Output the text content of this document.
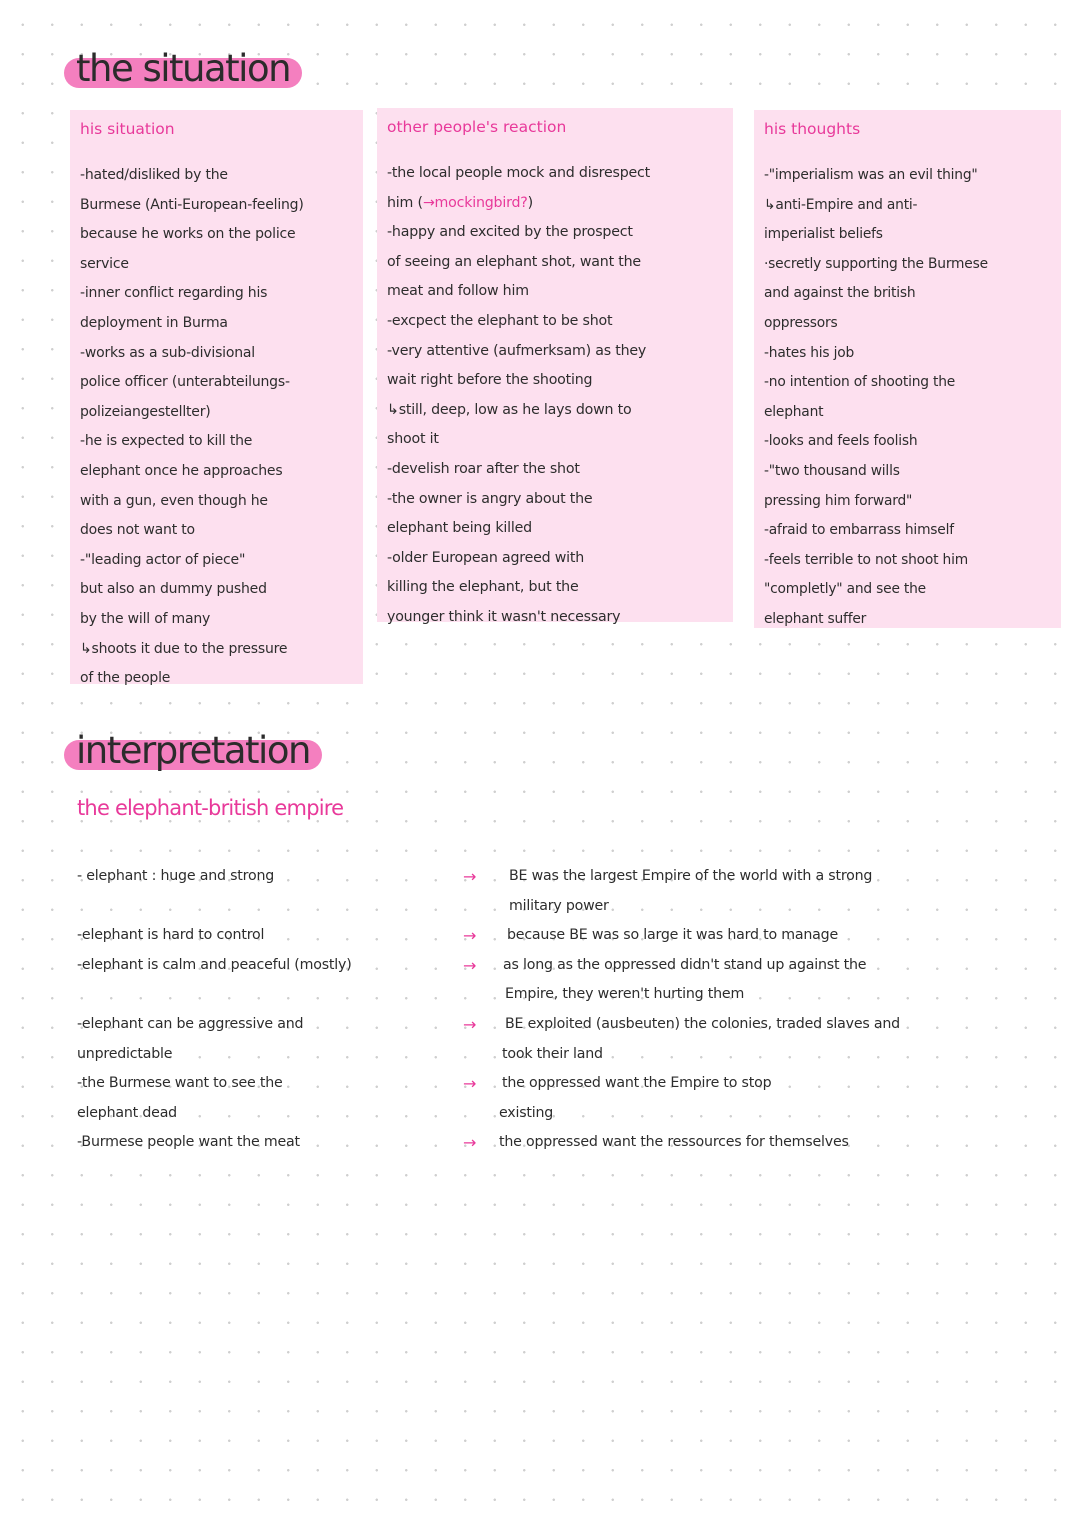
the situation
his situation
-hated/disliked by the
Burmese (Anti-European-feeling)
because he works on the police
service
-inner conflict regarding his
deployment in Burma
-works as a sub-divisional
police officer (unterabteilungs-
polizeiangestellter)
-he is expected to kill the
elephant once he approaches
with a gun, even though he
does not want to
-"leading actor of piece"
but also an dummy pushed
by the will of many
↳shoots it due to the pressure
of the people
other people's reaction
-the local people mock and disrespect
him (→mockingbird?)
-happy and excited by the prospect
of seeing an elephant shot, want the
meat and follow him
-excpect the elephant to be shot
-very attentive (aufmerksam) as they
wait right before the shooting
↳still, deep, low as he lays down to
shoot it
-develish roar after the shot
-the owner is angry about the
elephant being killed
-older European agreed with
killing the elephant, but the
younger think it wasn't necessary
his thoughts
-"imperialism was an evil thing"
↳anti-Empire and anti-
imperialist beliefs
·secretly supporting the Burmese
and against the british
oppressors
-hates his job
-no intention of shooting the
elephant
-looks and feels foolish
-"two thousand wills
pressing him forward"
-afraid to embarrass himself
-feels terrible to not shoot him
"completly" and see the
elephant suffer
interpretation
the elephant-british empire
- elephant : huge and strong
-elephant is hard to control
-elephant is calm and peaceful (mostly)
-elephant can be aggressive and
unpredictable
-the Burmese want to see the
elephant dead
-Burmese people want the meat
→
→
→
→
→
→
BE was the largest Empire of the world with a strong
military power
because BE was so large it was hard to manage
as long as the oppressed didn't stand up against the
Empire, they weren't hurting them
BE exploited (ausbeuten) the colonies, traded slaves and
took their land
the oppressed want the Empire to stop
existing
the oppressed want the ressources for themselves
